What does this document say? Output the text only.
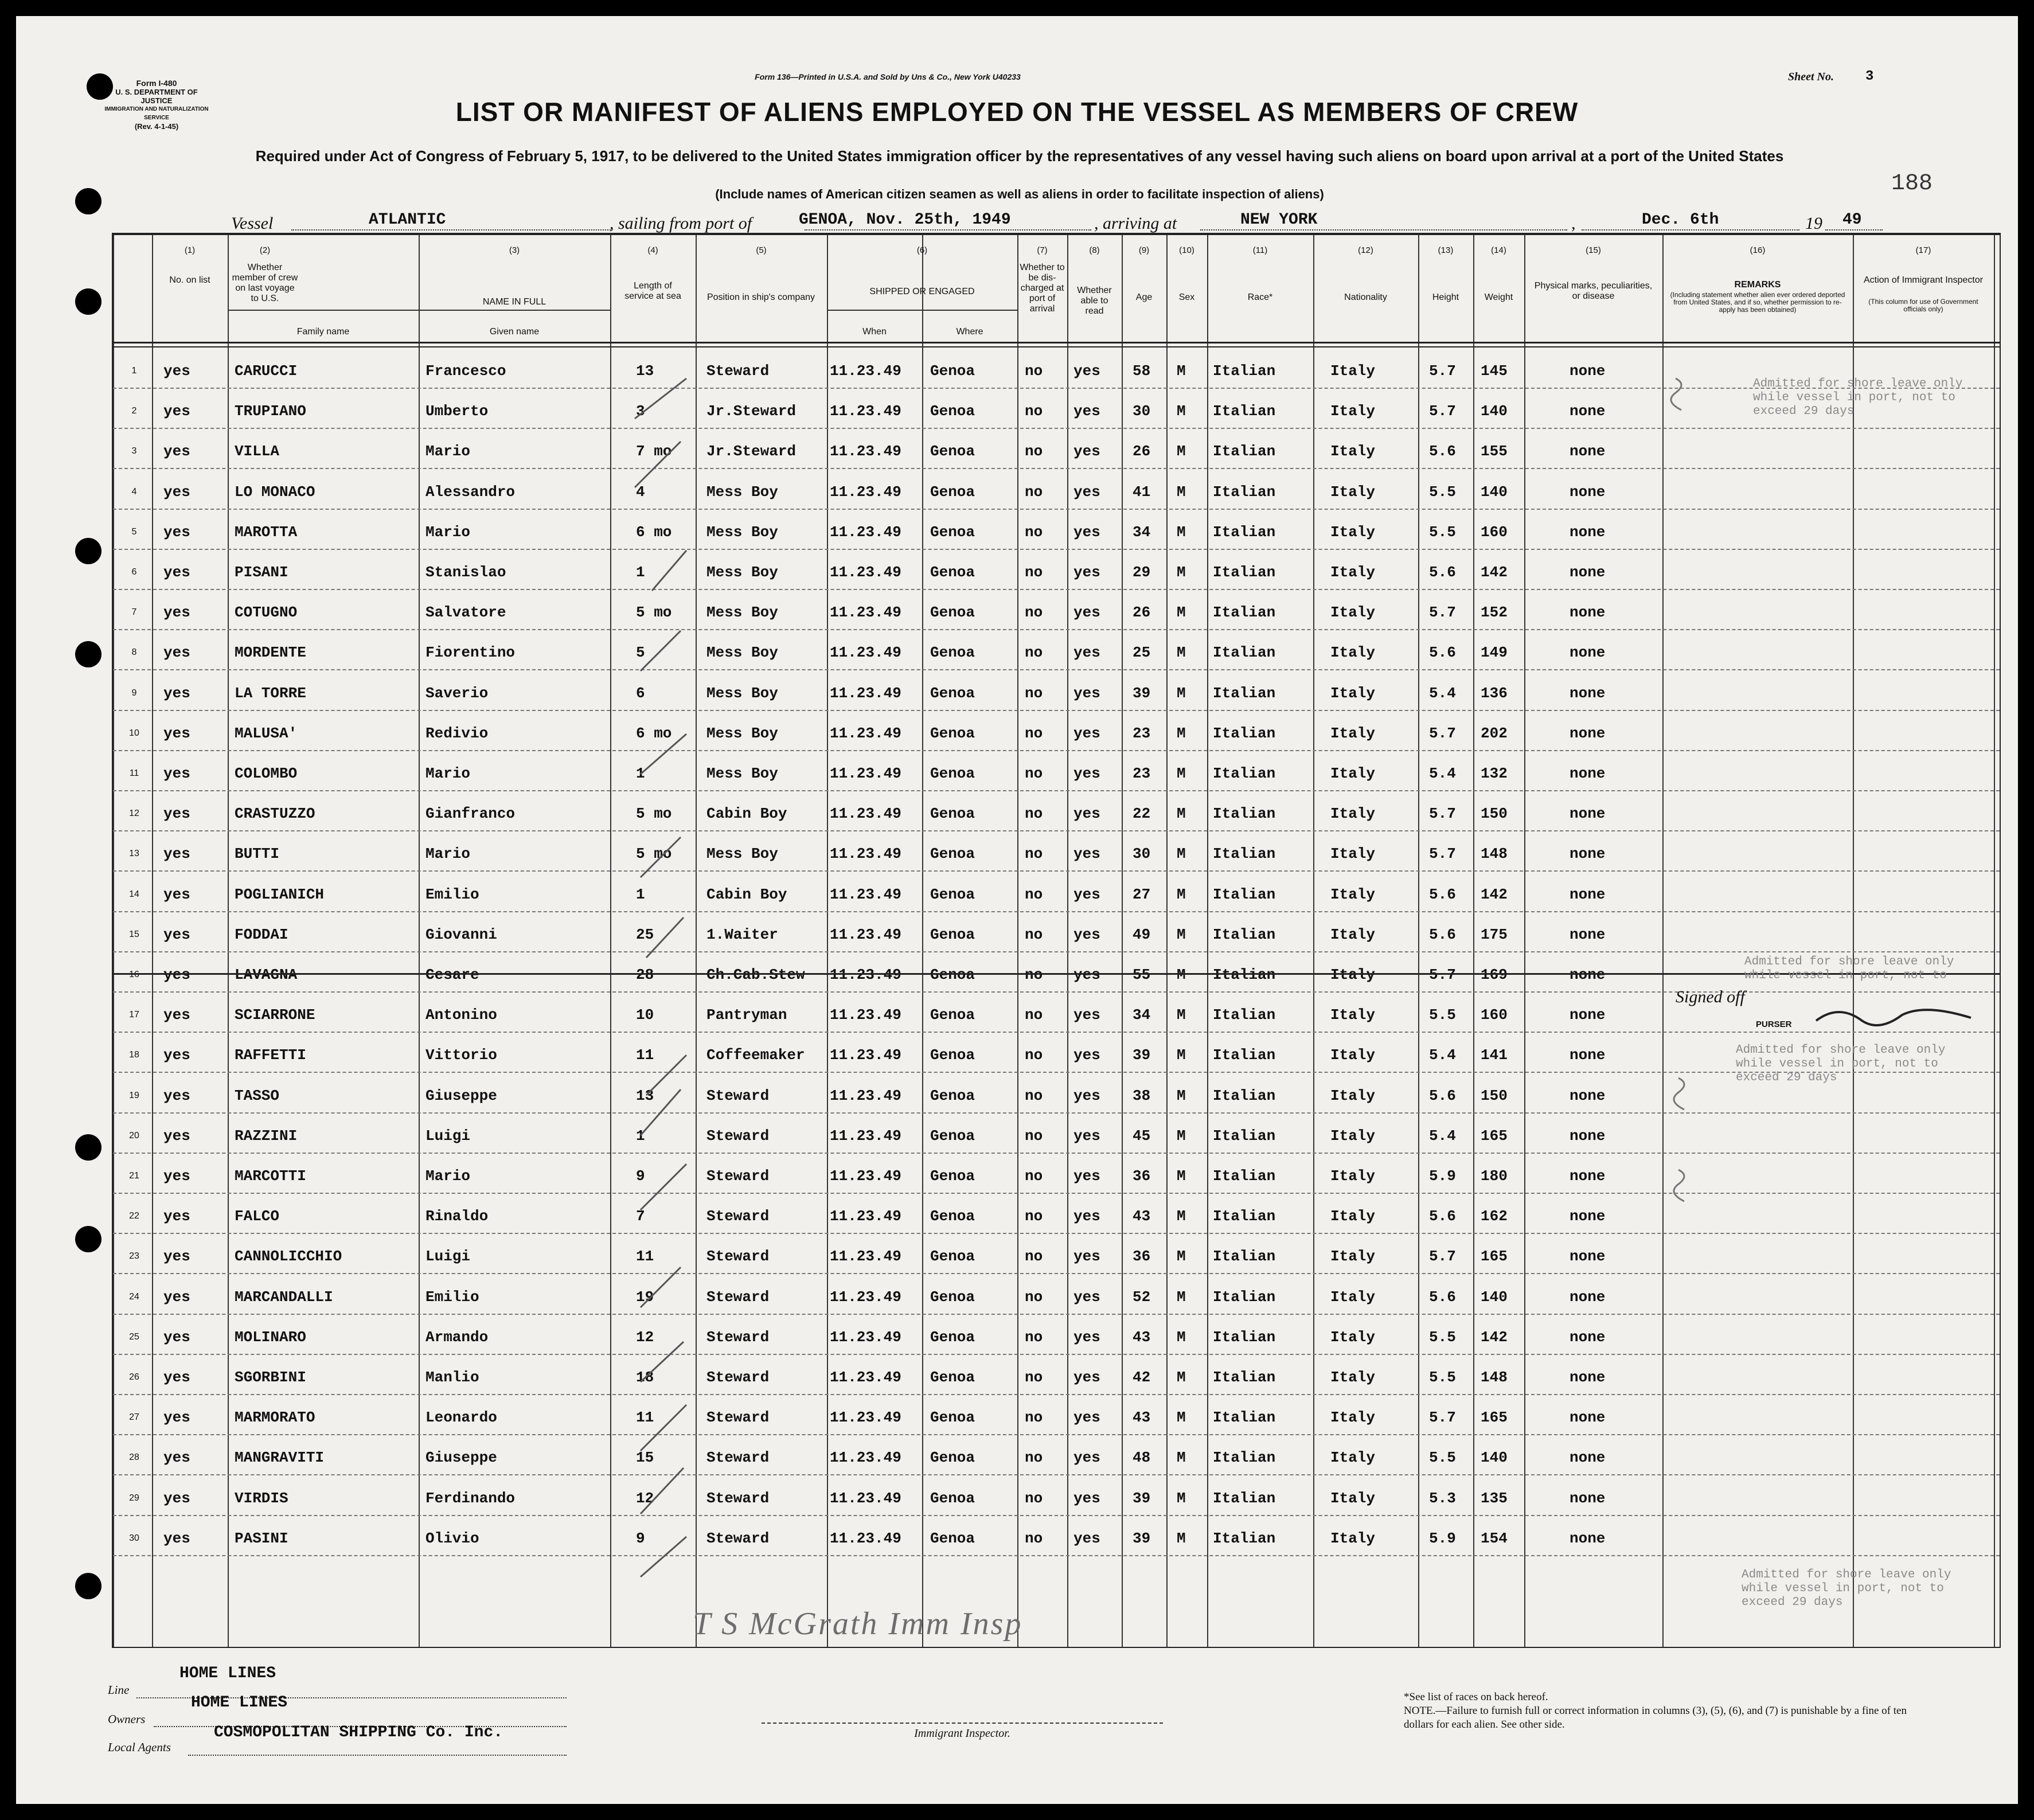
Form I-480
U. S. DEPARTMENT OF JUSTICE
IMMIGRATION AND NATURALIZATION SERVICE
(Rev. 4-1-45)
Form 136—Printed in U.S.A. and Sold by Uns & Co., New York U40233	Sheet No. 3
LIST OR MANIFEST OF ALIENS EMPLOYED ON THE VESSEL AS MEMBERS OF CREW
Required under Act of Congress of February 5, 1917, to be delivered to the United States immigration officer by the representatives of any vessel having such aliens on board upon arrival at a port of the United States
(Include names of American citizen seamen as well as aliens in order to facilitate inspection of aliens)	188
Vessel	ATLANTIC	, sailing from port of	GENOA, Nov. 25th, 1949	, arriving at	NEW YORK	,	Dec. 6th	19 49
(1)
No. on list
(2)
Whether member of crew on last voyage to U.S.
(3)
NAME IN FULL
Family name	Given name
(4)
Length of service at sea
(5)
Position in ship's company
(6)
SHIPPED OR ENGAGED
When	Where
(7)
Whether to be dis-charged at port of arrival
(8)
Whether able to read
(9)
Age
(10)
Sex
(11)
Race*
(12)
Nationality
(13)
Height
(14)
Weight
(15)
Physical marks, peculiarities, or disease
(16)
REMARKS
(Including statement whether alien ever ordered deported from United States, and if so, whether permission to re-apply has been obtained)
(17)
Action of Immigrant Inspector
(This column for use of Government officials only)
1	yes	CARUCCI	Francesco	13	Steward	11.23.49	Genoa	no	yes	58	M	Italian	Italy	5.7	145	none
2	yes	TRUPIANO	Umberto	3	Jr.Steward	11.23.49	Genoa	no	yes	30	M	Italian	Italy	5.7	140	none
3	yes	VILLA	Mario	7 mo	Jr.Steward	11.23.49	Genoa	no	yes	26	M	Italian	Italy	5.6	155	none
4	yes	LO MONACO	Alessandro	4	Mess Boy	11.23.49	Genoa	no	yes	41	M	Italian	Italy	5.5	140	none
5	yes	MAROTTA	Mario	6 mo	Mess Boy	11.23.49	Genoa	no	yes	34	M	Italian	Italy	5.5	160	none
6	yes	PISANI	Stanislao	1	Mess Boy	11.23.49	Genoa	no	yes	29	M	Italian	Italy	5.6	142	none
7	yes	COTUGNO	Salvatore	5 mo	Mess Boy	11.23.49	Genoa	no	yes	26	M	Italian	Italy	5.7	152	none
8	yes	MORDENTE	Fiorentino	5	Mess Boy	11.23.49	Genoa	no	yes	25	M	Italian	Italy	5.6	149	none
9	yes	LA TORRE	Saverio	6	Mess Boy	11.23.49	Genoa	no	yes	39	M	Italian	Italy	5.4	136	none
10	yes	MALUSA'	Redivio	6 mo	Mess Boy	11.23.49	Genoa	no	yes	23	M	Italian	Italy	5.7	202	none
11	yes	COLOMBO	Mario	1	Mess Boy	11.23.49	Genoa	no	yes	23	M	Italian	Italy	5.4	132	none
12	yes	CRASTUZZO	Gianfranco	5 mo	Cabin Boy	11.23.49	Genoa	no	yes	22	M	Italian	Italy	5.7	150	none
13	yes	BUTTI	Mario	5 mo	Mess Boy	11.23.49	Genoa	no	yes	30	M	Italian	Italy	5.7	148	none
14	yes	POGLIANICH	Emilio	1	Cabin Boy	11.23.49	Genoa	no	yes	27	M	Italian	Italy	5.6	142	none
15	yes	FODDAI	Giovanni	25	1.Waiter	11.23.49	Genoa	no	yes	49	M	Italian	Italy	5.6	175	none
16	yes	LAVAGNA	Cesare	28	Ch.Cab.Stew	11.23.49	Genoa	no	yes	55	M	Italian	Italy	5.7	169	none
17	yes	SCIARRONE	Antonino	10	Pantryman	11.23.49	Genoa	no	yes	34	M	Italian	Italy	5.5	160	none
18	yes	RAFFETTI	Vittorio	11	Coffeemaker	11.23.49	Genoa	no	yes	39	M	Italian	Italy	5.4	141	none
19	yes	TASSO	Giuseppe	13	Steward	11.23.49	Genoa	no	yes	38	M	Italian	Italy	5.6	150	none
20	yes	RAZZINI	Luigi	1	Steward	11.23.49	Genoa	no	yes	45	M	Italian	Italy	5.4	165	none
21	yes	MARCOTTI	Mario	9	Steward	11.23.49	Genoa	no	yes	36	M	Italian	Italy	5.9	180	none
22	yes	FALCO	Rinaldo	7	Steward	11.23.49	Genoa	no	yes	43	M	Italian	Italy	5.6	162	none
23	yes	CANNOLICCHIO	Luigi	11	Steward	11.23.49	Genoa	no	yes	36	M	Italian	Italy	5.7	165	none
24	yes	MARCANDALLI	Emilio	19	Steward	11.23.49	Genoa	no	yes	52	M	Italian	Italy	5.6	140	none
25	yes	MOLINARO	Armando	12	Steward	11.23.49	Genoa	no	yes	43	M	Italian	Italy	5.5	142	none
26	yes	SGORBINI	Manlio	18	Steward	11.23.49	Genoa	no	yes	42	M	Italian	Italy	5.5	148	none
27	yes	MARMORATO	Leonardo	11	Steward	11.23.49	Genoa	no	yes	43	M	Italian	Italy	5.7	165	none
28	yes	MANGRAVITI	Giuseppe	15	Steward	11.23.49	Genoa	no	yes	48	M	Italian	Italy	5.5	140	none
29	yes	VIRDIS	Ferdinando	12	Steward	11.23.49	Genoa	no	yes	39	M	Italian	Italy	5.3	135	none
30	yes	PASINI	Olivio	9	Steward	11.23.49	Genoa	no	yes	39	M	Italian	Italy	5.9	154	none
Admitted for shore leave only while vessel in port, not to exceed 29 days
Admitted for shore leave only while vessel in port, not to
Admitted for shore leave only while vessel in port, not to exceed 29 days
Admitted for shore leave only while vessel in port, not to exceed 29 days
Signed off
PURSER
T S McGrath Imm Insp
Line
HOME LINES
Owners
HOME LINES
Local Agents
COSMOPOLITAN SHIPPING Co. Inc.	Immigrant Inspector.
*See list of races on back hereof.
NOTE.—Failure to furnish full or correct information in columns (3), (5), (6), and (7) is punishable by a fine of ten dollars for each alien. See other side.
